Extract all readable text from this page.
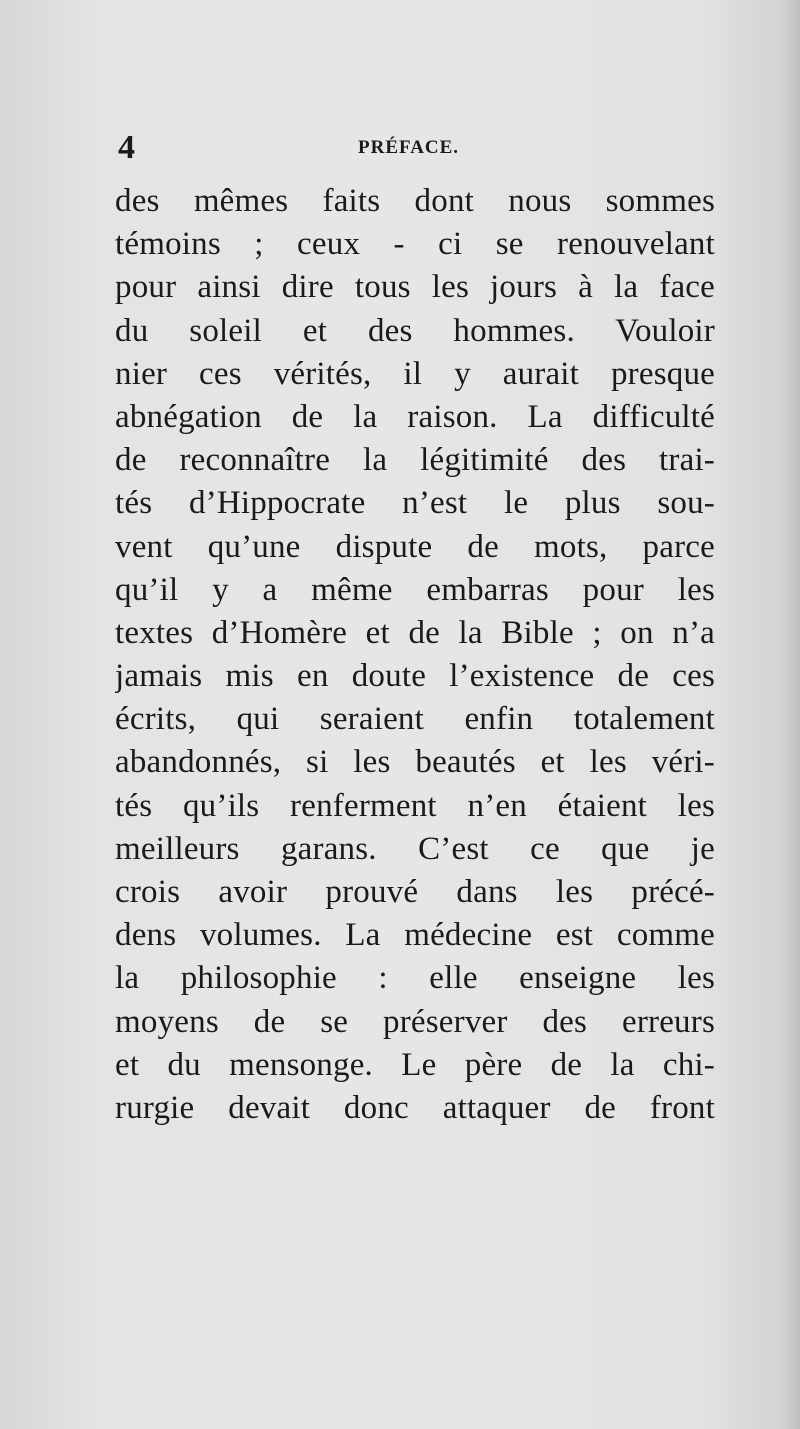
4	PRÉFACE.
des mêmes faits dont nous sommes
témoins ; ceux - ci se renouvelant
pour ainsi dire tous les jours à la face
du soleil et des hommes. Vouloir
nier ces vérités, il y aurait presque
abnégation de la raison. La difficulté
de reconnaître la légitimité des trai-
tés d’Hippocrate n’est le plus sou-
vent qu’une dispute de mots, parce
qu’il y a même embarras pour les
textes d’Homère et de la Bible ; on n’a
jamais mis en doute l’existence de ces
écrits, qui seraient enfin totalement
abandonnés, si les beautés et les véri-
tés qu’ils renferment n’en étaient les
meilleurs garans. C’est ce que je
crois avoir prouvé dans les précé-
dens volumes. La médecine est comme
la philosophie : elle enseigne les
moyens de se préserver des erreurs
et du mensonge. Le père de la chi-
rurgie devait donc attaquer de front
